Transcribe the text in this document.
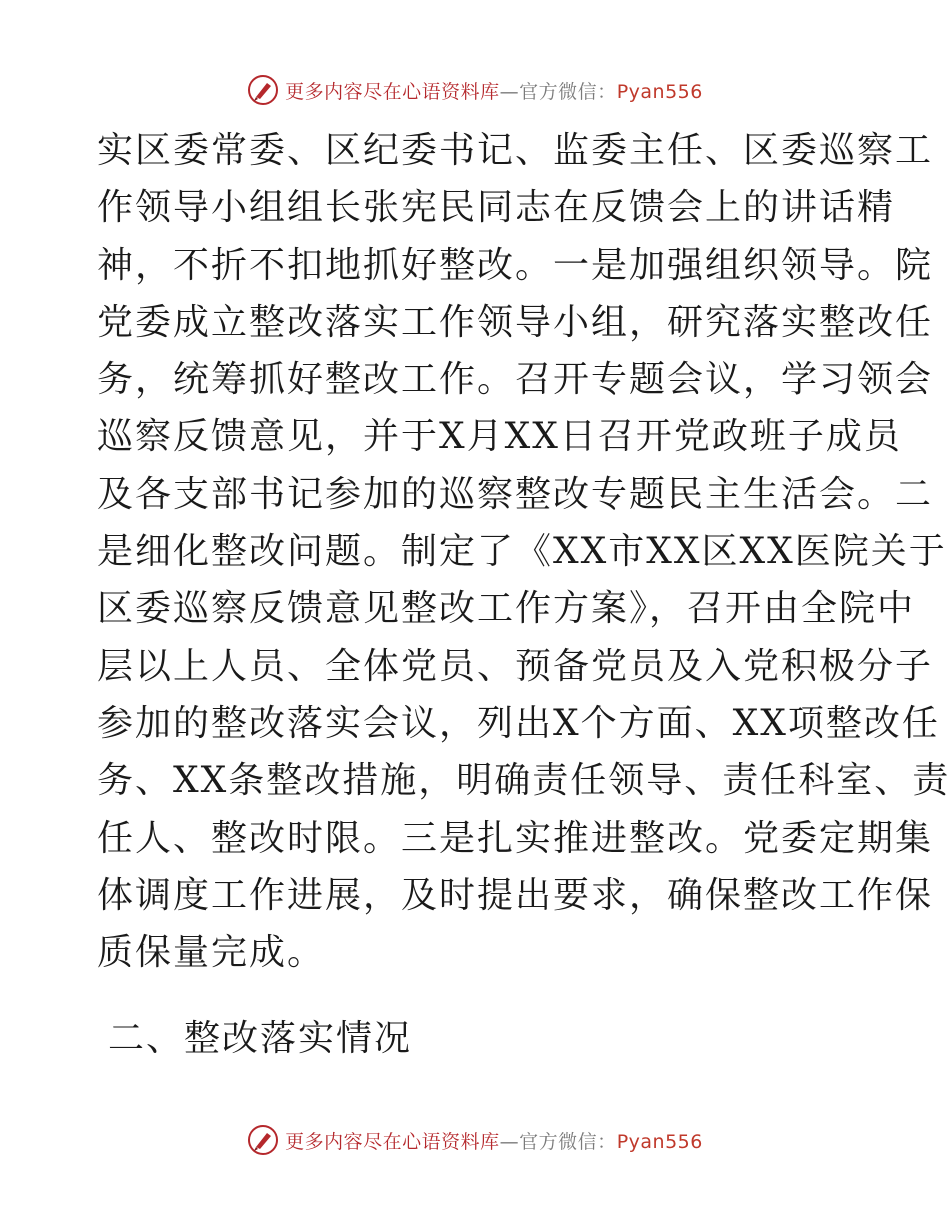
更多内容尽在心语资料库—官方微信：Pyan556
实区委常委、区纪委书记、监委主任、区委巡察工
作领导小组组长张宪民同志在反馈会上的讲话精
神，不折不扣地抓好整改。一是加强组织领导。院
党委成立整改落实工作领导小组，研究落实整改任
务，统筹抓好整改工作。召开专题会议，学习领会
巡察反馈意见，并于X月XX日召开党政班子成员
及各支部书记参加的巡察整改专题民主生活会。二
是细化整改问题。制定了《XX市XX区XX医院关于
区委巡察反馈意见整改工作方案》，召开由全院中
层以上人员、全体党员、预备党员及入党积极分子
参加的整改落实会议，列出X个方面、XX项整改任
务、XX条整改措施，明确责任领导、责任科室、责
任人、整改时限。三是扎实推进整改。党委定期集
体调度工作进展，及时提出要求，确保整改工作保
质保量完成。
二、整改落实情况
更多内容尽在心语资料库—官方微信：Pyan556
